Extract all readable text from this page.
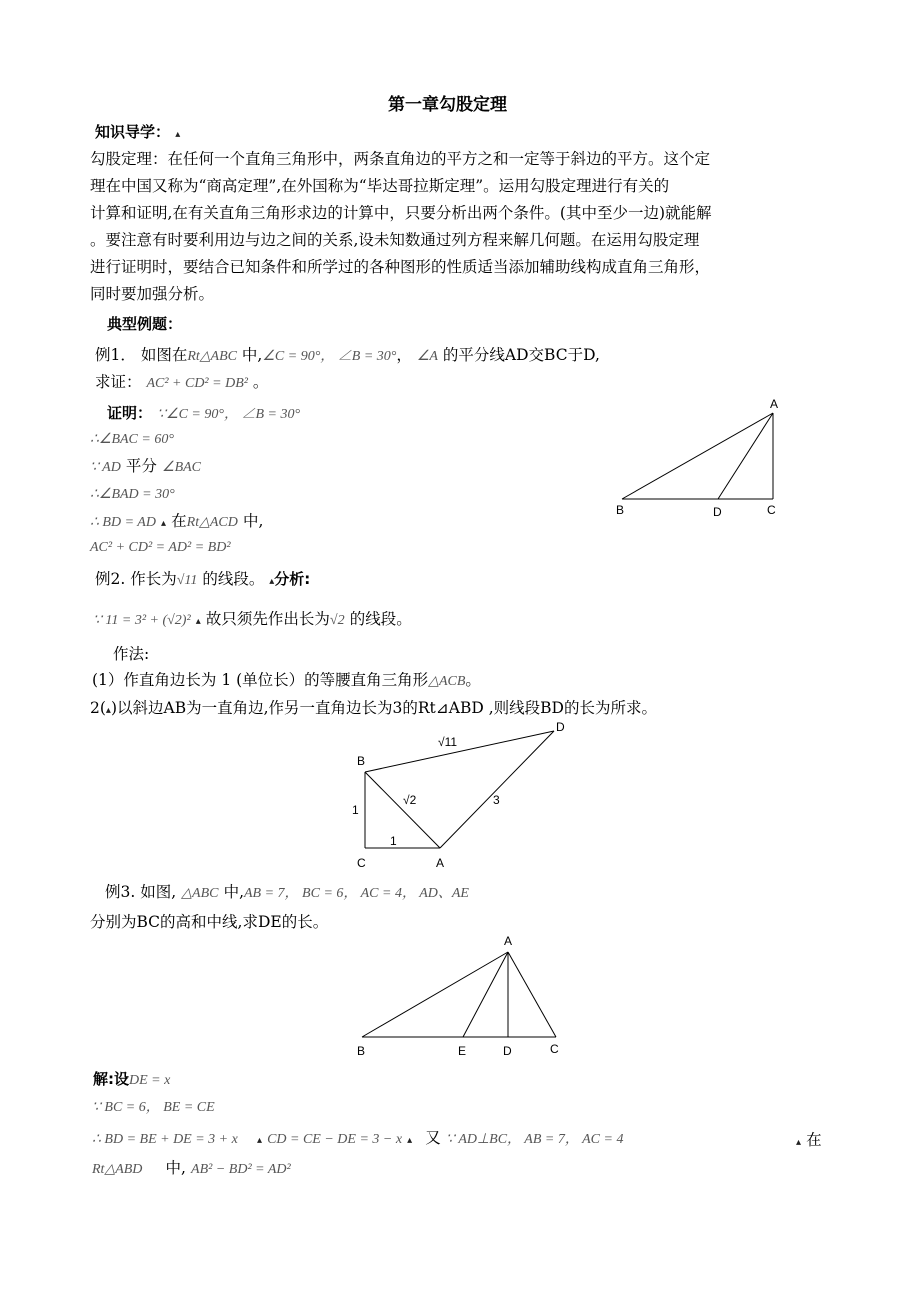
第一章勾股定理
知识导学： ▴
勾股定理：在任何一个直角三角形中，两条直角边的平方之和一定等于斜边的平方。这个定
理在中国又称为“商高定理”,在外国称为“毕达哥拉斯定理”。运用勾股定理进行有关的
计算和证明,在有关直角三角形求边的计算中，只要分析出两个条件。(其中至少一边)就能解
。要注意有时要利用边与边之间的关系,设未知数通过列方程来解几何题。在运用勾股定理
进行证明时，要结合已知条件和所学过的各种图形的性质适当添加辅助线构成直角三角形，
同时要加强分析。
典型例题：
例1． 如图在Rt△ABC 中,∠C = 90°， ∠B = 30°， ∠A 的平分线AD交BC于D,
求证： AC² + CD² = DB² 。
证明： ∵∠C = 90°， ∠B = 30°
∴∠BAC = 60°
∵ AD 平分 ∠BAC
∴∠BAD = 30°
∴ BD = AD ▴ 在Rt△ACD 中,
AC² + CD² = AD² = BD²
A
B	D	C
例2. 作长为√11 的线段。 ▴分析:
∵ 11 = 3² + (√2)² ▴ 故只须先作出长为√2 的线段。
作法:
(1）作直角边长为 1 (单位长）的等腰直角三角形△ACB。
2(▴)以斜边AB为一直角边,作另一直角边长为3的Rt⊿ABD ,则线段BD的长为所求。
B
C	A
D
√11
√2	3
1
1
例3. 如图, △ABC 中,AB = 7， BC = 6， AC = 4， AD、AE
分别为BC的高和中线,求DE的长。
A
B	E	D	C
解:设DE = x
∵ BC = 6， BE = CE
∴ BD = BE + DE = 3 + x ▴ CD = CE − DE = 3 − x ▴ 又 ∵ AD⊥BC， AB = 7， AC = 4	▴ 在
Rt△ABD 中, AB² − BD² = AD²
